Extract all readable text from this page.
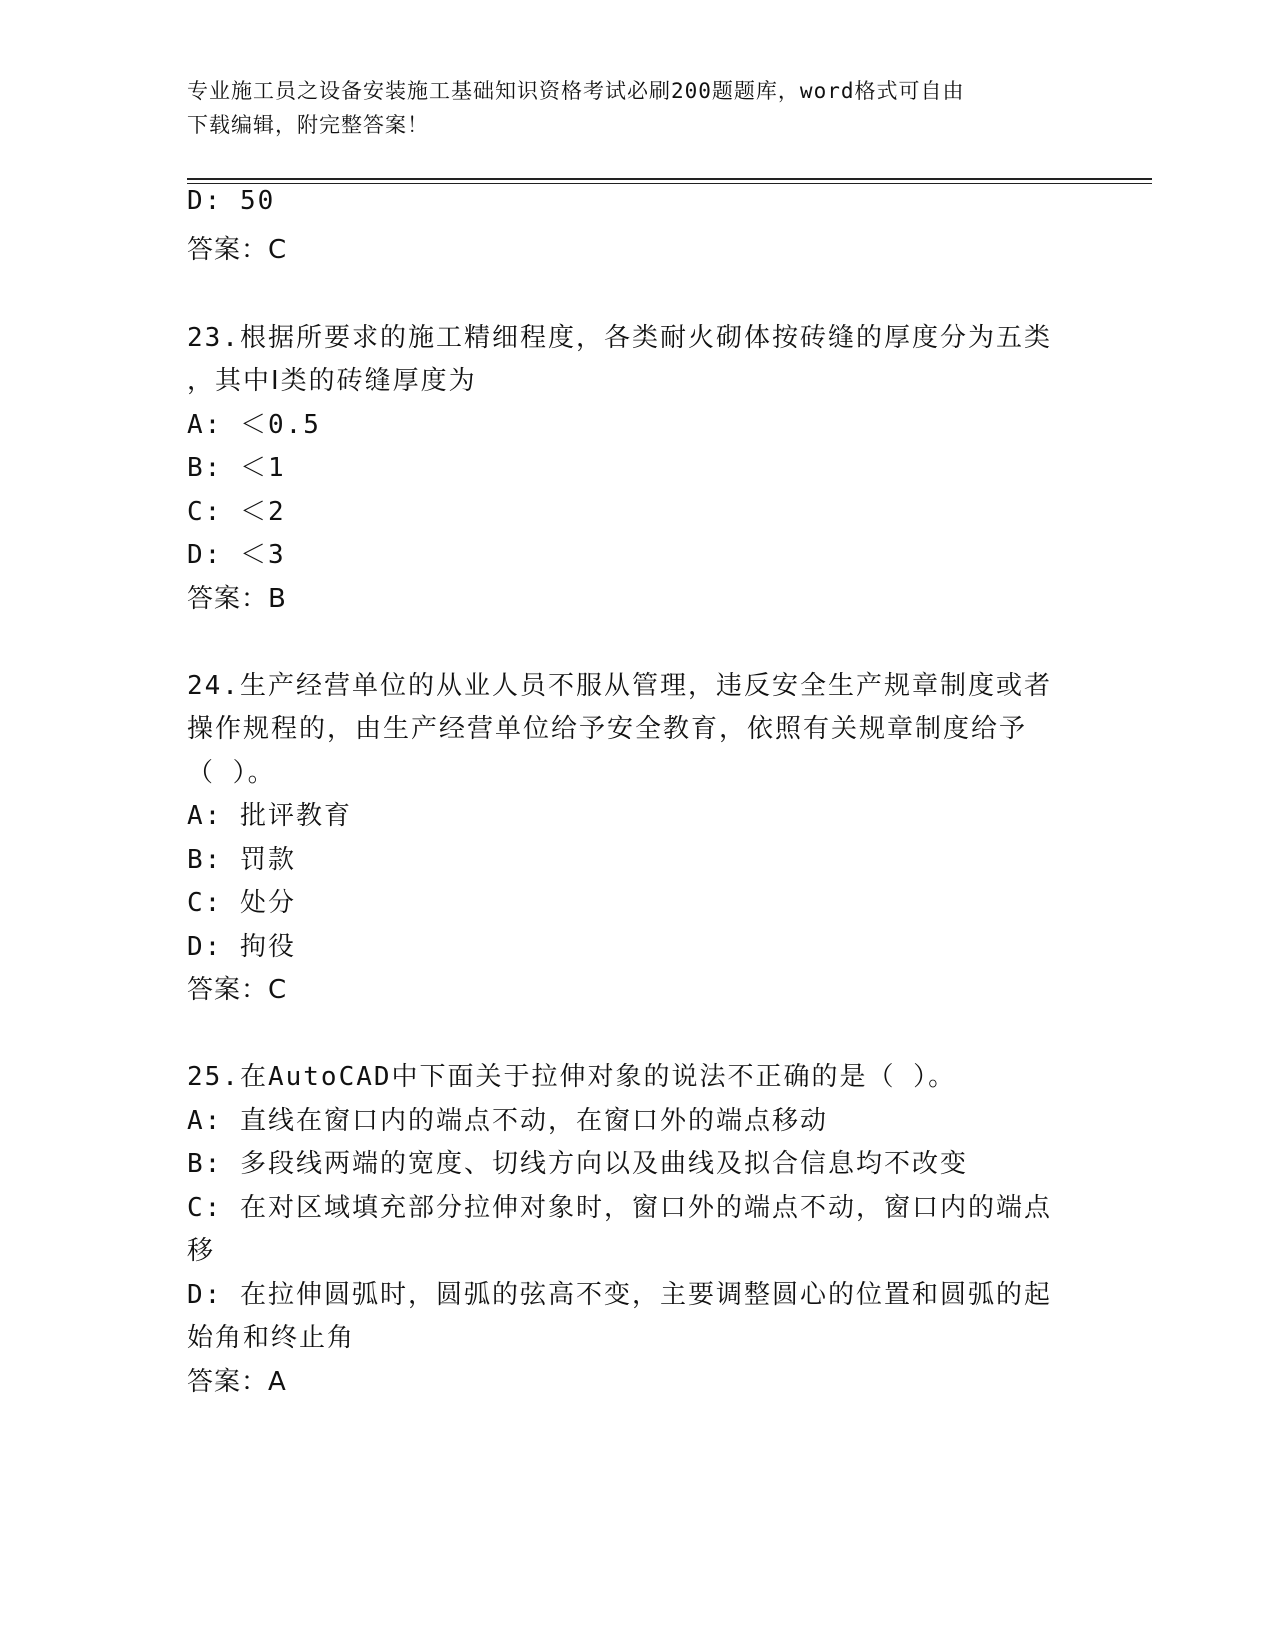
专业施工员之设备安装施工基础知识资格考试必刷200题题库，word格式可自由
下载编辑，附完整答案！
D: 50
答案：C
23.根据所要求的施工精细程度，各类耐火砌体按砖缝的厚度分为五类
，其中Ⅰ类的砖缝厚度为
A: ＜0.5
B: ＜1
C: ＜2
D: ＜3
答案：B
24.生产经营单位的从业人员不服从管理，违反安全生产规章制度或者
操作规程的，由生产经营单位给予安全教育，依照有关规章制度给予
（ ）。
A: 批评教育
B: 罚款
C: 处分
D: 拘役
答案：C
25.在AutoCAD中下面关于拉伸对象的说法不正确的是（ ）。
A: 直线在窗口内的端点不动，在窗口外的端点移动
B: 多段线两端的宽度、切线方向以及曲线及拟合信息均不改变
C: 在对区域填充部分拉伸对象时，窗口外的端点不动，窗口内的端点
移
D: 在拉伸圆弧时，圆弧的弦高不变，主要调整圆心的位置和圆弧的起
始角和终止角
答案：A
